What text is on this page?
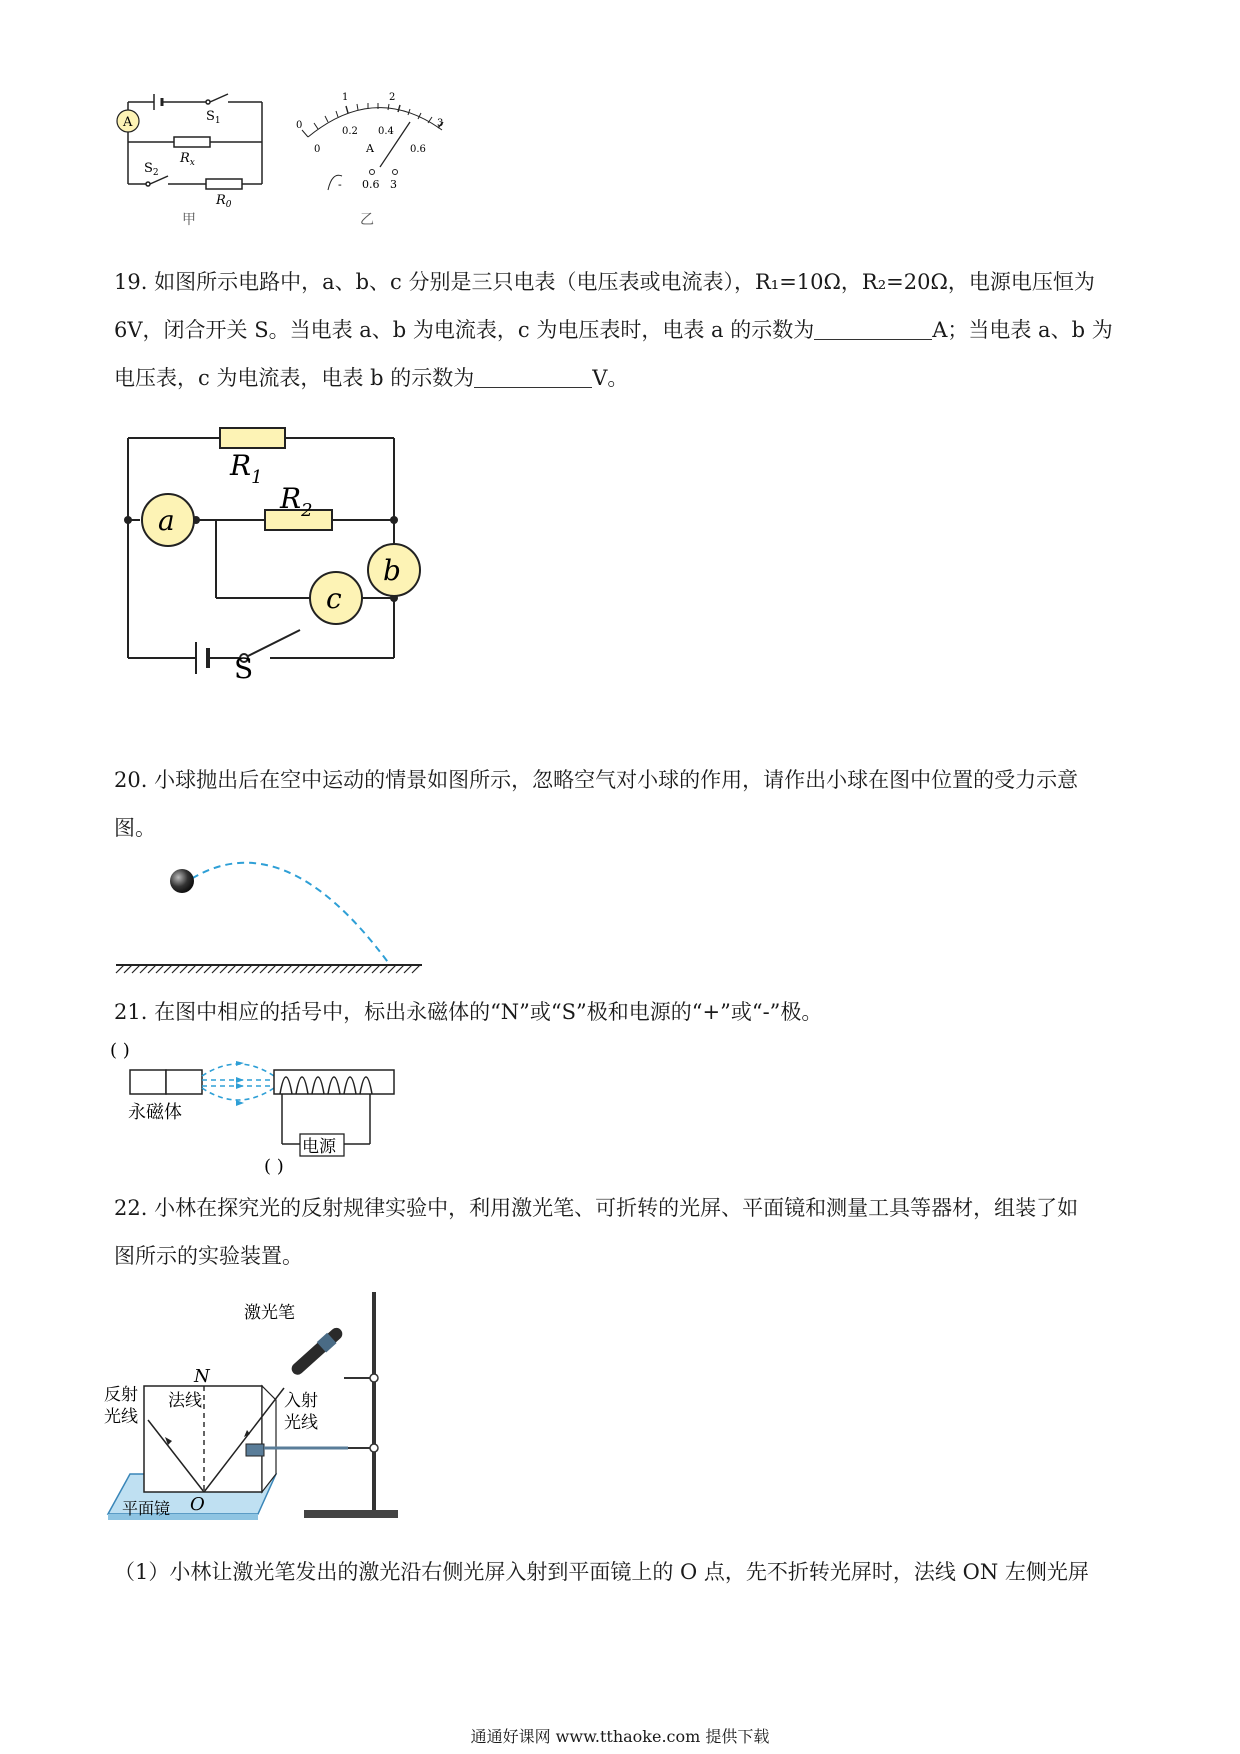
A	$S_1$
$R_x$
$S_2$
$R_0$
甲
0
1	2
3
0
0.2 0.4
0.6
A
- 0.6 3
乙
19. 如图所示电路中，a、b、c 分别是三只电表（电压表或电流表），R₁=10Ω，R₂=20Ω，电源电压恒为
6V，闭合开关 S。当电表 a、b 为电流表，c 为电压表时，电表 a 的示数为	A；当电表 a、b 为
电压表，c 为电流表，电表 b 的示数为	V。
a
b
c
$R_1$
$R_2$
S
20. 小球抛出后在空中运动的情景如图所示，忽略空气对小球的作用，请作出小球在图中位置的受力示意
图。
21. 在图中相应的括号中，标出永磁体的“N”或“S”极和电源的“+”或“-”极。
( )
电源
永磁体
( )
22. 小林在探究光的反射规律实验中，利用激光笔、可折转的光屏、平面镜和测量工具等器材，组装了如
图所示的实验装置。
激光笔
N
法线
反射
光线
入射
光线
O
平面镜
（1）小林让激光笔发出的激光沿右侧光屏入射到平面镜上的 O 点，先不折转光屏时，法线 ON 左侧光屏
通通好课网 www.tthaoke.com 提供下载
